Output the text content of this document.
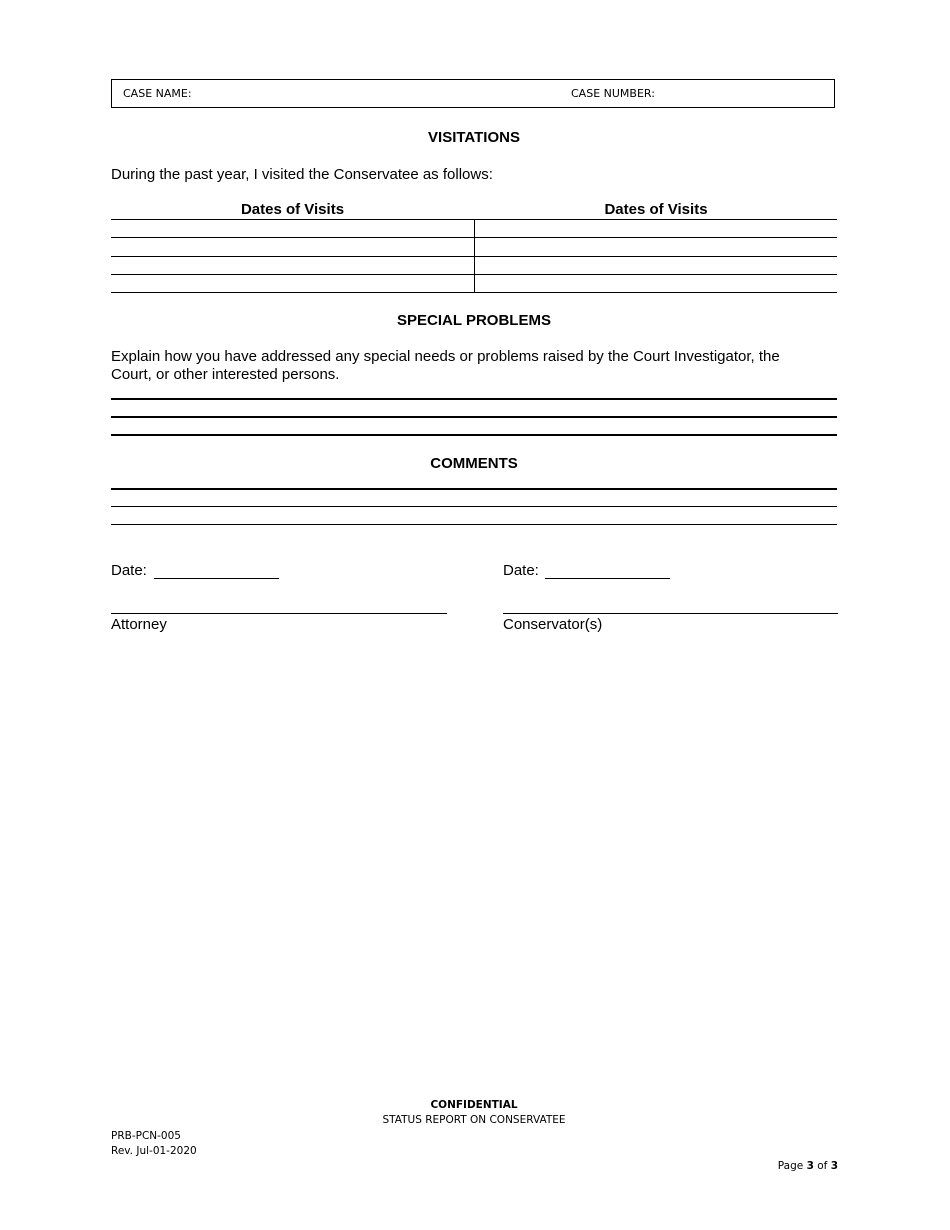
CASE NAME:	CASE NUMBER:
VISITATIONS
During the past year, I visited the Conservatee as follows:
Dates of Visits	Dates of Visits
SPECIAL PROBLEMS
Explain how you have addressed any special needs or problems raised by the Court Investigator, the Court, or other interested persons.
COMMENTS
Date:	Date:
Attorney	Conservator(s)
CONFIDENTIAL
STATUS REPORT ON CONSERVATEE
PRB-PCN-005
Rev. Jul-01-2020
Page 3 of 3
